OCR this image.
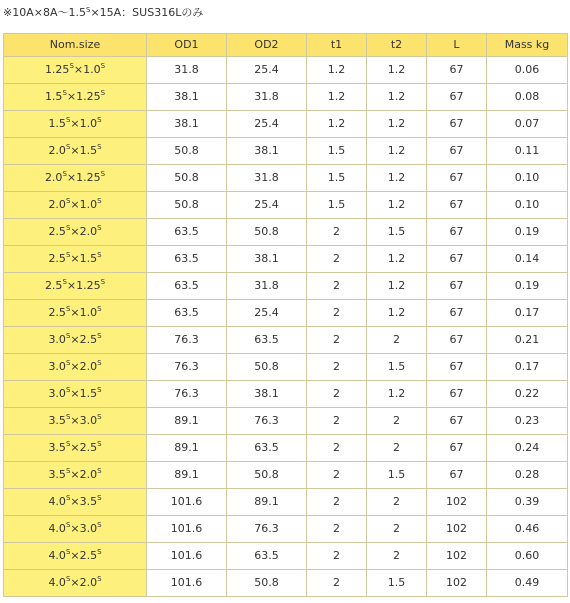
$※10A\times 8A\sim 1.5^S\times 15A$：SUS316Lのみ
Nom.size	OD1	OD2	t1	t2	L	Mass kg
$1.25^S\times 1.0^S$	31.8	25.4	1.2	1.2	67	0.06
$1.5^S\times 1.25^S$	38.1	31.8	1.2	1.2	67	0.08
$1.5^S\times 1.0^S$	38.1	25.4	1.2	1.2	67	0.07
$2.0^S\times 1.5^S$	50.8	38.1	1.5	1.2	67	0.11
$2.0^S\times 1.25^S$	50.8	31.8	1.5	1.2	67	0.10
$2.0^S\times 1.0^S$	50.8	25.4	1.5	1.2	67	0.10
$2.5^S\times 2.0^S$	63.5	50.8	2	1.5	67	0.19
$2.5^S\times 1.5^S$	63.5	38.1	2	1.2	67	0.14
$2.5^S\times 1.25^S$	63.5	31.8	2	1.2	67	0.19
$2.5^S\times 1.0^S$	63.5	25.4	2	1.2	67	0.17
$3.0^S\times 2.5^S$	76.3	63.5	2	2	67	0.21
$3.0^S\times 2.0^S$	76.3	50.8	2	1.5	67	0.17
$3.0^S\times 1.5^S$	76.3	38.1	2	1.2	67	0.22
$3.5^S\times 3.0^S$	89.1	76.3	2	2	67	0.23
$3.5^S\times 2.5^S$	89.1	63.5	2	2	67	0.24
$3.5^S\times 2.0^S$	89.1	50.8	2	1.5	67	0.28
$4.0^S\times 3.5^S$	101.6	89.1	2	2	102	0.39
$4.0^S\times 3.0^S$	101.6	76.3	2	2	102	0.46
$4.0^S\times 2.5^S$	101.6	63.5	2	2	102	0.60
$4.0^S\times 2.0^S$	101.6	50.8	2	1.5	102	0.49
